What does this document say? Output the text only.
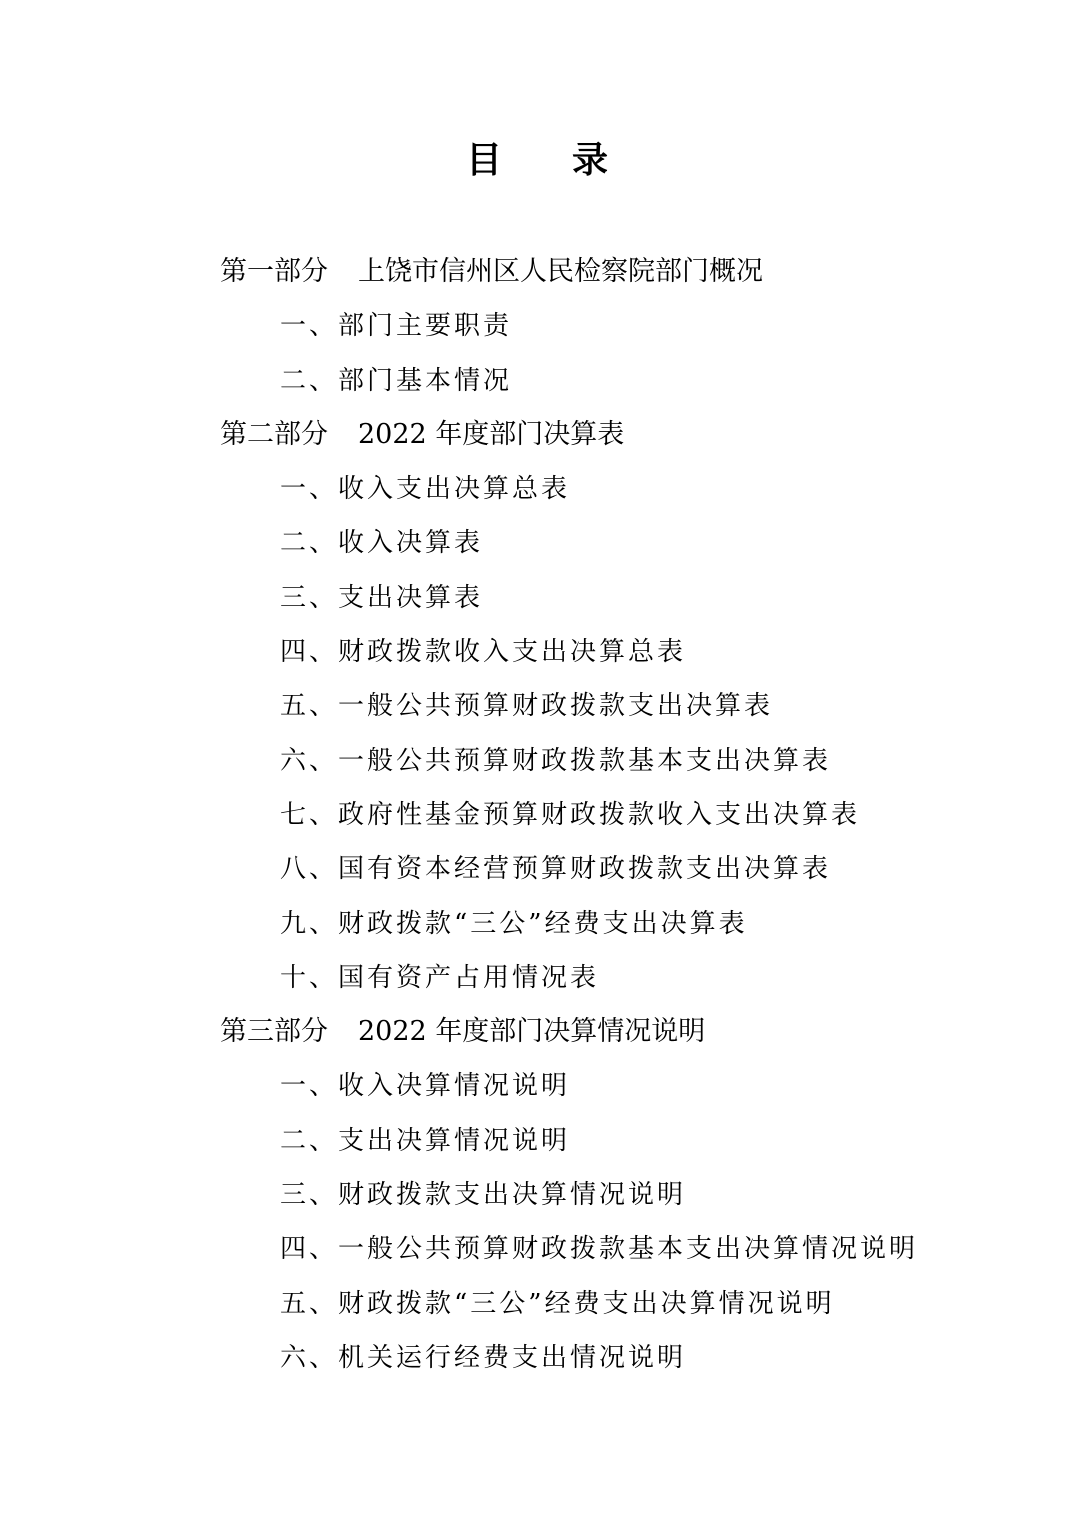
目 录
第一部分 上饶市信州区人民检察院部门概况
一、部门主要职责
二、部门基本情况
第二部分 2022 年度部门决算表
一、收入支出决算总表
二、收入决算表
三、支出决算表
四、财政拨款收入支出决算总表
五、一般公共预算财政拨款支出决算表
六、一般公共预算财政拨款基本支出决算表
七、政府性基金预算财政拨款收入支出决算表
八、国有资本经营预算财政拨款支出决算表
九、财政拨款“三公”经费支出决算表
十、国有资产占用情况表
第三部分 2022 年度部门决算情况说明
一、收入决算情况说明
二、支出决算情况说明
三、财政拨款支出决算情况说明
四、一般公共预算财政拨款基本支出决算情况说明
五、财政拨款“三公”经费支出决算情况说明
六、机关运行经费支出情况说明
